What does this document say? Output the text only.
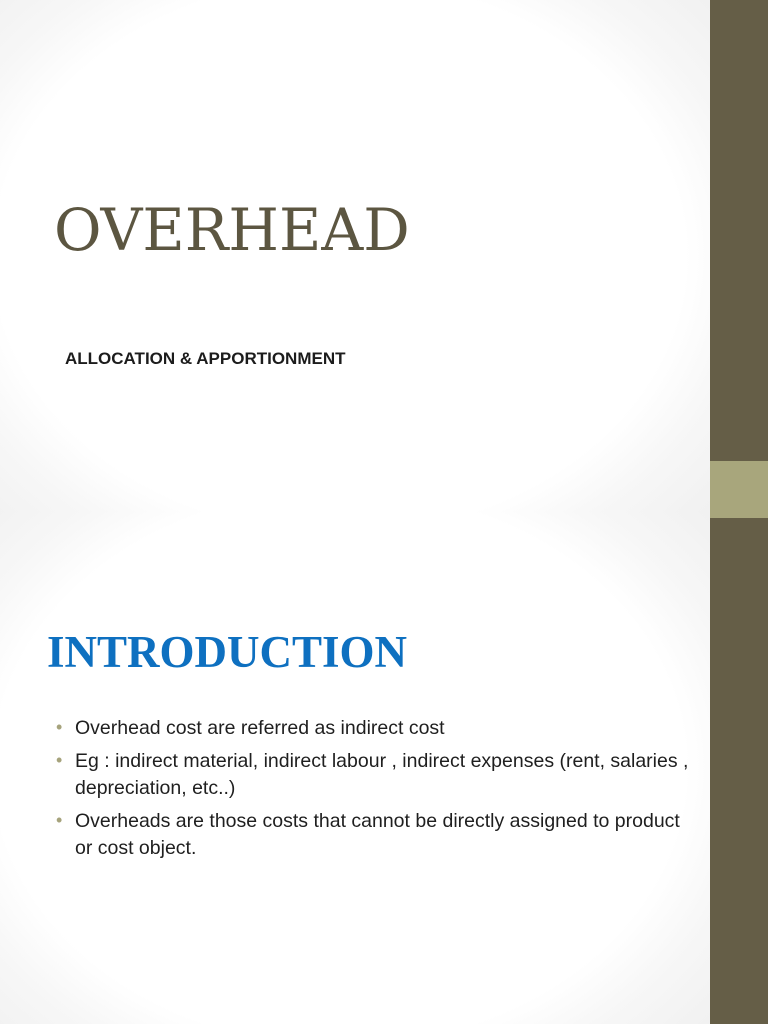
OVERHEAD

ALLOCATION & APPORTIONMENT

INTRODUCTION
• Overhead cost are referred as indirect cost
• Eg : indirect material, indirect labour , indirect expenses (rent, salaries , depreciation, etc..)
• Overheads are those costs that cannot be directly assigned to product or cost object.
